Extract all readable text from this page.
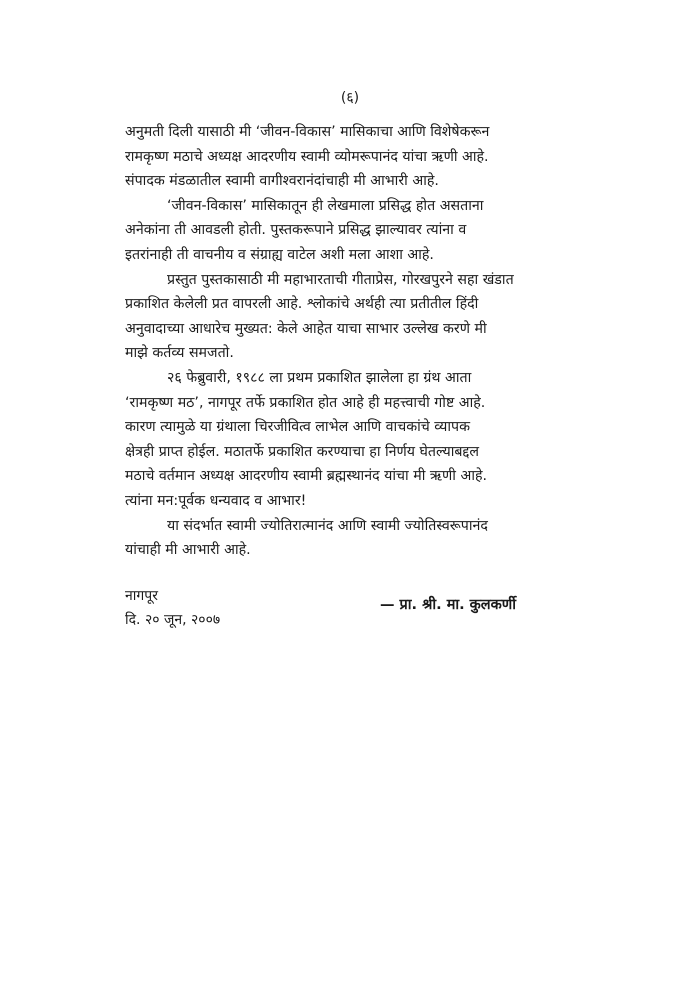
(६)

अनुमती दिली यासाठी मी ‘जीवन-विकास’ मासिकाचा आणि विशेषेकरून
रामकृष्ण मठाचे अध्यक्ष आदरणीय स्वामी व्योमरूपानंद यांचा ऋणी आहे.
संपादक मंडळातील स्वामी वागीश्वरानंदांचाही मी आभारी आहे.

‘जीवन-विकास’ मासिकातून ही लेखमाला प्रसिद्ध होत असताना
अनेकांना ती आवडली होती. पुस्तकरूपाने प्रसिद्ध झाल्यावर त्यांना व
इतरांनाही ती वाचनीय व संग्राह्य वाटेल अशी मला आशा आहे.

प्रस्तुत पुस्तकासाठी मी महाभारताची गीताप्रेस, गोरखपुरने सहा खंडात
प्रकाशित केलेली प्रत वापरली आहे. श्लोकांचे अर्थही त्या प्रतीतील हिंदी
अनुवादाच्या आधारेच मुख्यत: केले आहेत याचा साभार उल्लेख करणे मी
माझे कर्तव्य समजतो.

२६ फेब्रुवारी, १९८८ ला प्रथम प्रकाशित झालेला हा ग्रंथ आता
‘रामकृष्ण मठ’, नागपूर तर्फे प्रकाशित होत आहे ही महत्त्वाची गोष्ट आहे.
कारण त्यामुळे या ग्रंथाला चिरजीवित्व लाभेल आणि वाचकांचे व्यापक
क्षेत्रही प्राप्त होईल. मठातर्फे प्रकाशित करण्याचा हा निर्णय घेतल्याबद्दल
मठाचे वर्तमान अध्यक्ष आदरणीय स्वामी ब्रह्मस्थानंद यांचा मी ऋणी आहे.
त्यांना मन:पूर्वक धन्यवाद व आभार!

या संदर्भात स्वामी ज्योतिरात्मानंद आणि स्वामी ज्योतिस्वरूपानंद
यांचाही मी आभारी आहे.

नागपूर
दि. २० जून, २००७
— प्रा. श्री. मा. कुलकर्णी
